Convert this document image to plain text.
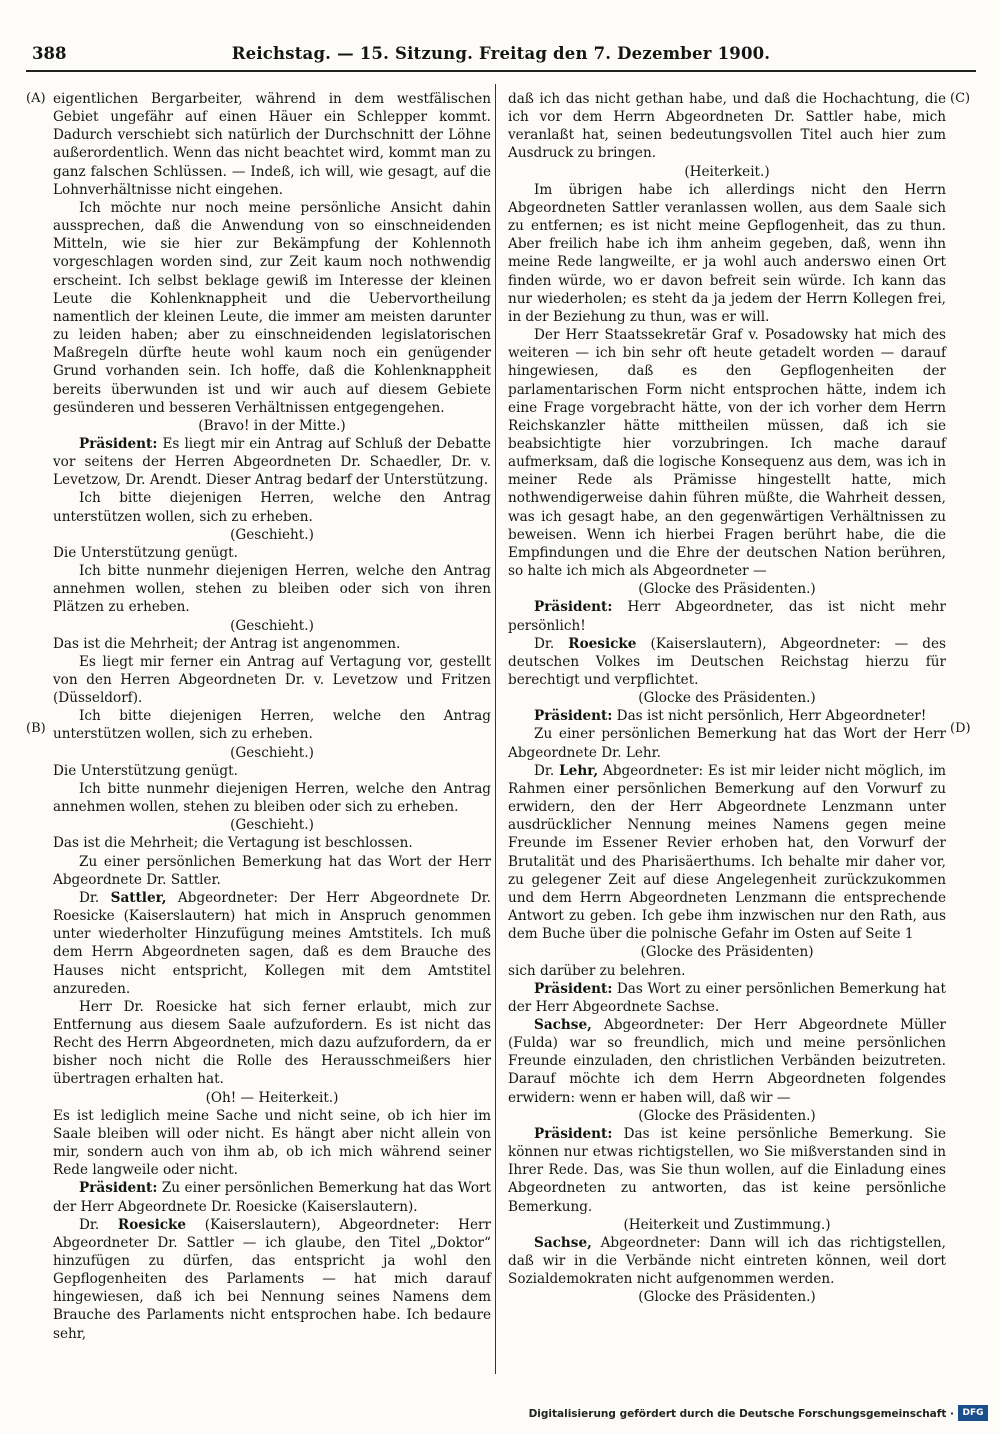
388	Reichstag. — 15. Sitzung. Freitag den 7. Dezember 1900.
(A)
(B)
(C)
(D)

eigentlichen Bergarbeiter, während in dem westfälischen Gebiet ungefähr auf einen Häuer ein Schlepper kommt. Dadurch verschiebt sich natürlich der Durchschnitt der Löhne außerordentlich. Wenn das nicht beachtet wird, kommt man zu ganz falschen Schlüssen. — Indeß, ich will, wie gesagt, auf die Lohnverhältnisse nicht eingehen.

Ich möchte nur noch meine persönliche Ansicht dahin aussprechen, daß die Anwendung von so einschneidenden Mitteln, wie sie hier zur Bekämpfung der Kohlennoth vorgeschlagen worden sind, zur Zeit kaum noch nothwendig erscheint. Ich selbst beklage gewiß im Interesse der kleinen Leute die Kohlenknappheit und die Uebervortheilung namentlich der kleinen Leute, die immer am meisten darunter zu leiden haben; aber zu einschneidenden legislatorischen Maßregeln dürfte heute wohl kaum noch ein genügender Grund vorhanden sein. Ich hoffe, daß die Kohlenknappheit bereits überwunden ist und wir auch auf diesem Gebiete gesünderen und besseren Verhältnissen entgegengehen.

(Bravo! in der Mitte.)

Präsident: Es liegt mir ein Antrag auf Schluß der Debatte vor seitens der Herren Abgeordneten Dr. Schaedler, Dr. v. Levetzow, Dr. Arendt. Dieser Antrag bedarf der Unterstützung.

Ich bitte diejenigen Herren, welche den Antrag unterstützen wollen, sich zu erheben.

(Geschieht.)

Die Unterstützung genügt.

Ich bitte nunmehr diejenigen Herren, welche den Antrag annehmen wollen, stehen zu bleiben oder sich von ihren Plätzen zu erheben.

(Geschieht.)

Das ist die Mehrheit; der Antrag ist angenommen.

Es liegt mir ferner ein Antrag auf Vertagung vor, gestellt von den Herren Abgeordneten Dr. v. Levetzow und Fritzen (Düsseldorf).

Ich bitte diejenigen Herren, welche den Antrag unterstützen wollen, sich zu erheben.

(Geschieht.)

Die Unterstützung genügt.

Ich bitte nunmehr diejenigen Herren, welche den Antrag annehmen wollen, stehen zu bleiben oder sich zu erheben.

(Geschieht.)

Das ist die Mehrheit; die Vertagung ist beschlossen.

Zu einer persönlichen Bemerkung hat das Wort der Herr Abgeordnete Dr. Sattler.

Dr. Sattler, Abgeordneter: Der Herr Abgeordnete Dr. Roesicke (Kaiserslautern) hat mich in Anspruch genommen unter wiederholter Hinzufügung meines Amtstitels. Ich muß dem Herrn Abgeordneten sagen, daß es dem Brauche des Hauses nicht entspricht, Kollegen mit dem Amtstitel anzureden.

Herr Dr. Roesicke hat sich ferner erlaubt, mich zur Entfernung aus diesem Saale aufzufordern. Es ist nicht das Recht des Herrn Abgeordneten, mich dazu aufzufordern, da er bisher noch nicht die Rolle des Herausschmeißers hier übertragen erhalten hat.

(Oh! — Heiterkeit.)

Es ist lediglich meine Sache und nicht seine, ob ich hier im Saale bleiben will oder nicht. Es hängt aber nicht allein von mir, sondern auch von ihm ab, ob ich mich während seiner Rede langweile oder nicht.

Präsident: Zu einer persönlichen Bemerkung hat das Wort der Herr Abgeordnete Dr. Roesicke (Kaiserslautern).

Dr. Roesicke (Kaiserslautern), Abgeordneter: Herr Abgeordneter Dr. Sattler — ich glaube, den Titel „Doktor“ hinzufügen zu dürfen, das entspricht ja wohl den Gepflogenheiten des Parlaments — hat mich darauf hingewiesen, daß ich bei Nennung seines Namens dem Brauche des Parlaments nicht entsprochen habe. Ich bedaure sehr,

daß ich das nicht gethan habe, und daß die Hochachtung, die ich vor dem Herrn Abgeordneten Dr. Sattler habe, mich veranlaßt hat, seinen bedeutungsvollen Titel auch hier zum Ausdruck zu bringen.

(Heiterkeit.)

Im übrigen habe ich allerdings nicht den Herrn Abgeordneten Sattler veranlassen wollen, aus dem Saale sich zu entfernen; es ist nicht meine Gepflogenheit, das zu thun. Aber freilich habe ich ihm anheim gegeben, daß, wenn ihn meine Rede langweilte, er ja wohl auch anderswo einen Ort finden würde, wo er davon befreit sein würde. Ich kann das nur wiederholen; es steht da ja jedem der Herrn Kollegen frei, in der Beziehung zu thun, was er will.

Der Herr Staatssekretär Graf v. Posadowsky hat mich des weiteren — ich bin sehr oft heute getadelt worden — darauf hingewiesen, daß es den Gepflogenheiten der parlamentarischen Form nicht entsprochen hätte, indem ich eine Frage vorgebracht hätte, von der ich vorher dem Herrn Reichskanzler hätte mittheilen müssen, daß ich sie beabsichtigte hier vorzubringen. Ich mache darauf aufmerksam, daß die logische Konsequenz aus dem, was ich in meiner Rede als Prämisse hingestellt hatte, mich nothwendigerweise dahin führen müßte, die Wahrheit dessen, was ich gesagt habe, an den gegenwärtigen Verhältnissen zu beweisen. Wenn ich hierbei Fragen berührt habe, die die Empfindungen und die Ehre der deutschen Nation berühren, so halte ich mich als Abgeordneter —

(Glocke des Präsidenten.)

Präsident: Herr Abgeordneter, das ist nicht mehr persönlich!

Dr. Roesicke (Kaiserslautern), Abgeordneter: — des deutschen Volkes im Deutschen Reichstag hierzu für berechtigt und verpflichtet.

(Glocke des Präsidenten.)

Präsident: Das ist nicht persönlich, Herr Abgeordneter!

Zu einer persönlichen Bemerkung hat das Wort der Herr Abgeordnete Dr. Lehr.

Dr. Lehr, Abgeordneter: Es ist mir leider nicht möglich, im Rahmen einer persönlichen Bemerkung auf den Vorwurf zu erwidern, den der Herr Abgeordnete Lenzmann unter ausdrücklicher Nennung meines Namens gegen meine Freunde im Essener Revier erhoben hat, den Vorwurf der Brutalität und des Pharisäerthums. Ich behalte mir daher vor, zu gelegener Zeit auf diese Angelegenheit zurückzukommen und dem Herrn Abgeordneten Lenzmann die entsprechende Antwort zu geben. Ich gebe ihm inzwischen nur den Rath, aus dem Buche über die polnische Gefahr im Osten auf Seite 1

(Glocke des Präsidenten)

sich darüber zu belehren.

Präsident: Das Wort zu einer persönlichen Bemerkung hat der Herr Abgeordnete Sachse.

Sachse, Abgeordneter: Der Herr Abgeordnete Müller (Fulda) war so freundlich, mich und meine persönlichen Freunde einzuladen, den christlichen Verbänden beizutreten. Darauf möchte ich dem Herrn Abgeordneten folgendes erwidern: wenn er haben will, daß wir —

(Glocke des Präsidenten.)

Präsident: Das ist keine persönliche Bemerkung. Sie können nur etwas richtigstellen, wo Sie mißverstanden sind in Ihrer Rede. Das, was Sie thun wollen, auf die Einladung eines Abgeordneten zu antworten, das ist keine persönliche Bemerkung.

(Heiterkeit und Zustimmung.)

Sachse, Abgeordneter: Dann will ich das richtigstellen, daß wir in die Verbände nicht eintreten können, weil dort Sozialdemokraten nicht aufgenommen werden.

(Glocke des Präsidenten.)

Digitalisierung gefördert durch die Deutsche Forschungsgemeinschaft · DFG
